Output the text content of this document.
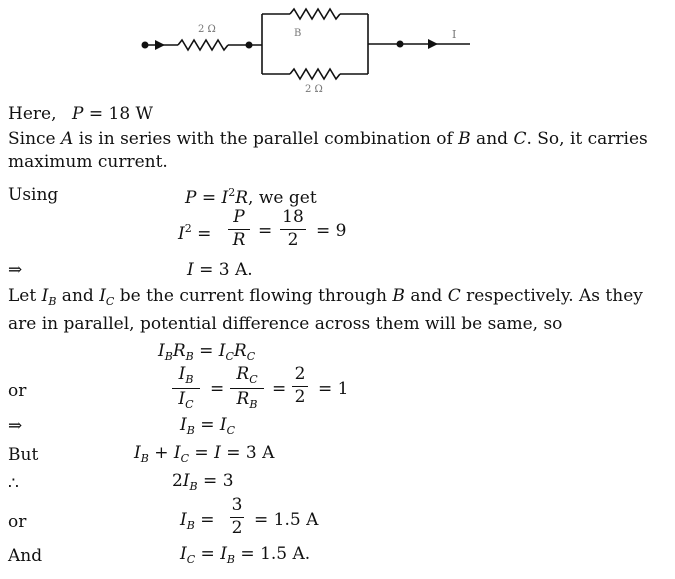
2 Ω	B
2 Ω
I
Here, P = 18 W
Since A is in series with the parallel combination of B and C. So, it carries maximum current.
Using	$P = I^2R$, we get
$I^2$ =
P
R =
18
2	= 9
⇒	I = 3 A.
Let $I_B$ and $I_C$ be the current flowing through B and C respectively. As they are in parallel, potential difference across them will be same, so
$I_BR_B = I_CR_C$
or
$I_B$
$I_C$
=
$R_C$
$R_B$
=
2
2 = 1
⇒	$I_B = I_C$
But	$I_B + I_C = I = 3$ A
∴	$2I_B = 3$
or	$I_B$ =
3
2 = 1.5 A
And	$I_C = I_B = 1.5$ A.
